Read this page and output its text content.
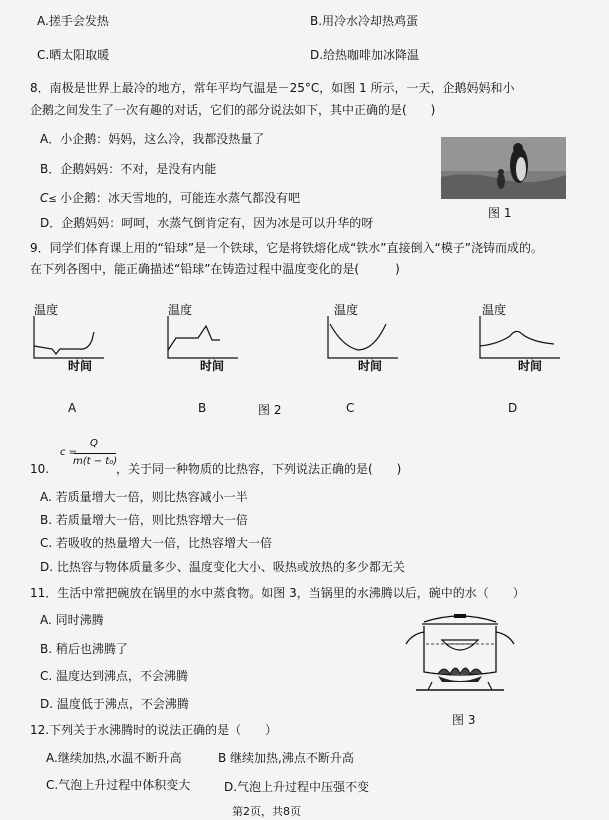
A.搓手会发热	B.用冷水冷却热鸡蛋
C.晒太阳取暖	D.给热咖啡加冰降温
8．南极是世界上最冷的地方，常年平均气温是－25°C，如图 1 所示，一天，企鹅妈妈和小
企鹅之间发生了一次有趣的对话，它们的部分说法如下，其中正确的是(　　)
A．小企鹅：妈妈，这么冷，我都没热量了
B．企鹅妈妈：不对，是没有内能
C≤ 小企鹅：冰天雪地的，可能连水蒸气都没有吧
D．企鹅妈妈：呵呵，水蒸气倒肯定有，因为冰是可以升华的呀
图 1
9．同学们体育课上用的“铅球”是一个铁球，它是将铁熔化成“铁水”直接倒入“模子”浇铸而成的。
在下列各图中，能正确描述“铅球”在铸造过程中温度变化的是(　　　)
温度
时间
温度
时间
温度
时间
温度
时间
A	B	图 2	C	D
c =
Q
m(t − t₀)
10.	，关于同一种物质的比热容，下列说法正确的是(　　)
A. 若质量增大一倍，则比热容减小一半
B. 若质量增大一倍，则比热容增大一倍
C. 若吸收的热量增大一倍，比热容增大一倍
D. 比热容与物体质量多少、温度变化大小、吸热或放热的多少都无关
11．生活中常把碗放在锅里的水中蒸食物。如图 3，当锅里的水沸腾以后，碗中的水（　　）
A. 同时沸腾
B. 稍后也沸腾了
C. 温度达到沸点，不会沸腾
D. 温度低于沸点，不会沸腾
图 3
12.下列关于水沸腾时的说法正确的是（　　）
A.继续加热,水温不断升高	B 继续加热,沸点不断升高
C.气泡上升过程中体积变大	D.气泡上升过程中压强不变
第2页，共8页
